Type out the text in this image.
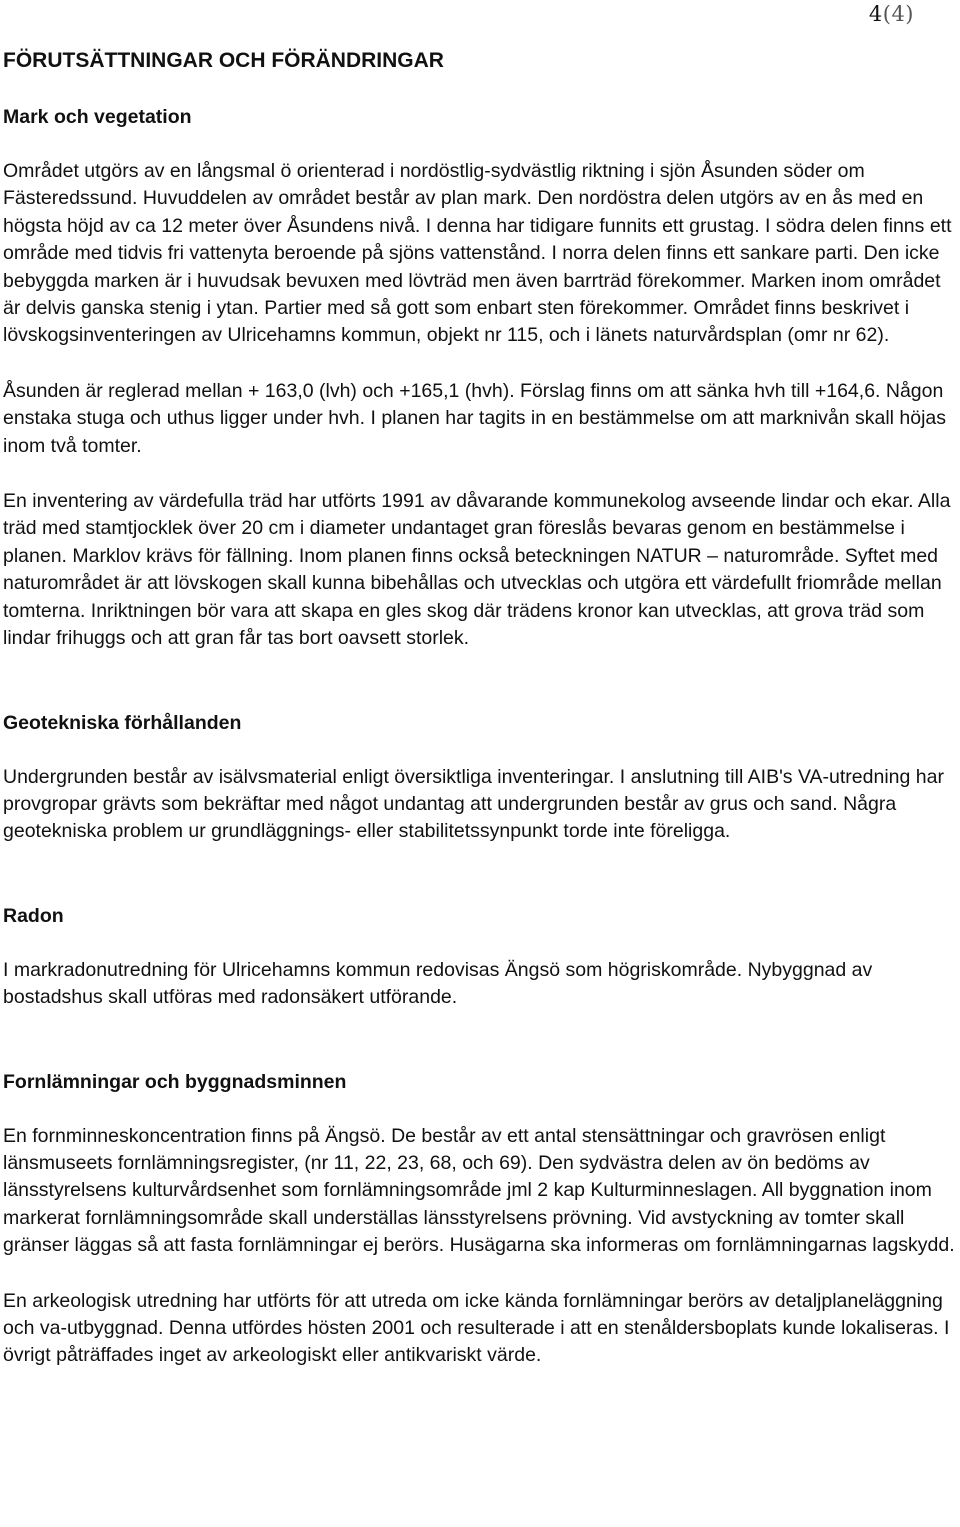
4(4)
FÖRUTSÄTTNINGAR OCH FÖRÄNDRINGAR
Mark och vegetation

Området utgörs av en långsmal ö orienterad i nordöstlig-sydvästlig riktning i sjön Åsunden söder om Fästeredssund. Huvuddelen av området består av plan mark. Den nordöstra delen utgörs av en ås med en högsta höjd av ca 12 meter över Åsundens nivå. I denna har tidigare funnits ett grustag. I södra delen finns ett område med tidvis fri vattenyta beroende på sjöns vattenstånd. I norra delen finns ett sankare parti. Den icke bebyggda marken är i huvudsak bevuxen med lövträd men även barrträd förekommer. Marken inom området är delvis ganska stenig i ytan. Partier med så gott som enbart sten förekommer. Området finns beskrivet i lövskogsinventeringen av Ulricehamns kommun, objekt nr 115, och i länets naturvårdsplan (omr nr 62).

Åsunden är reglerad mellan + 163,0 (lvh) och +165,1 (hvh). Förslag finns om att sänka hvh till +164,6. Någon enstaka stuga och uthus ligger under hvh. I planen har tagits in en bestämmelse om att marknivån skall höjas inom två tomter.

En inventering av värdefulla träd har utförts 1991 av dåvarande kommunekolog avseende lindar och ekar. Alla träd med stamtjocklek över 20 cm i diameter undantaget gran föreslås bevaras genom en bestämmelse i planen. Marklov krävs för fällning. Inom planen finns också beteckningen NATUR – naturområde. Syftet med naturområdet är att lövskogen skall kunna bibehållas och utvecklas och utgöra ett värdefullt friområde mellan tomterna. Inriktningen bör vara att skapa en gles skog där trädens kronor kan utvecklas, att grova träd som lindar frihuggs och att gran får tas bort oavsett storlek.

Geotekniska förhållanden

Undergrunden består av isälvsmaterial enligt översiktliga inventeringar. I anslutning till AIB's VA-utredning har provgropar grävts som bekräftar med något undantag att undergrunden består av grus och sand. Några geotekniska problem ur grundläggnings- eller stabilitetssynpunkt torde inte föreligga.

Radon

I markradonutredning för Ulricehamns kommun redovisas Ängsö som högriskområde. Nybyggnad av bostadshus skall utföras med radonsäkert utförande.

Fornlämningar och byggnadsminnen

En fornminneskoncentration finns på Ängsö. De består av ett antal stensättningar och gravrösen enligt länsmuseets fornlämningsregister, (nr 11, 22, 23, 68, och 69). Den sydvästra delen av ön bedöms av länsstyrelsens kulturvårdsenhet som fornlämningsområde jml 2 kap Kulturminneslagen. All byggnation inom markerat fornlämningsområde skall underställas länsstyrelsens prövning. Vid avstyckning av tomter skall gränser läggas så att fasta fornlämningar ej berörs. Husägarna ska informeras om fornlämningarnas lagskydd.

En arkeologisk utredning har utförts för att utreda om icke kända fornlämningar berörs av detaljplaneläggning och va-utbyggnad. Denna utfördes hösten 2001 och resulterade i att en stenåldersboplats kunde lokaliseras. I övrigt påträffades inget av arkeologiskt eller antikvariskt värde.
